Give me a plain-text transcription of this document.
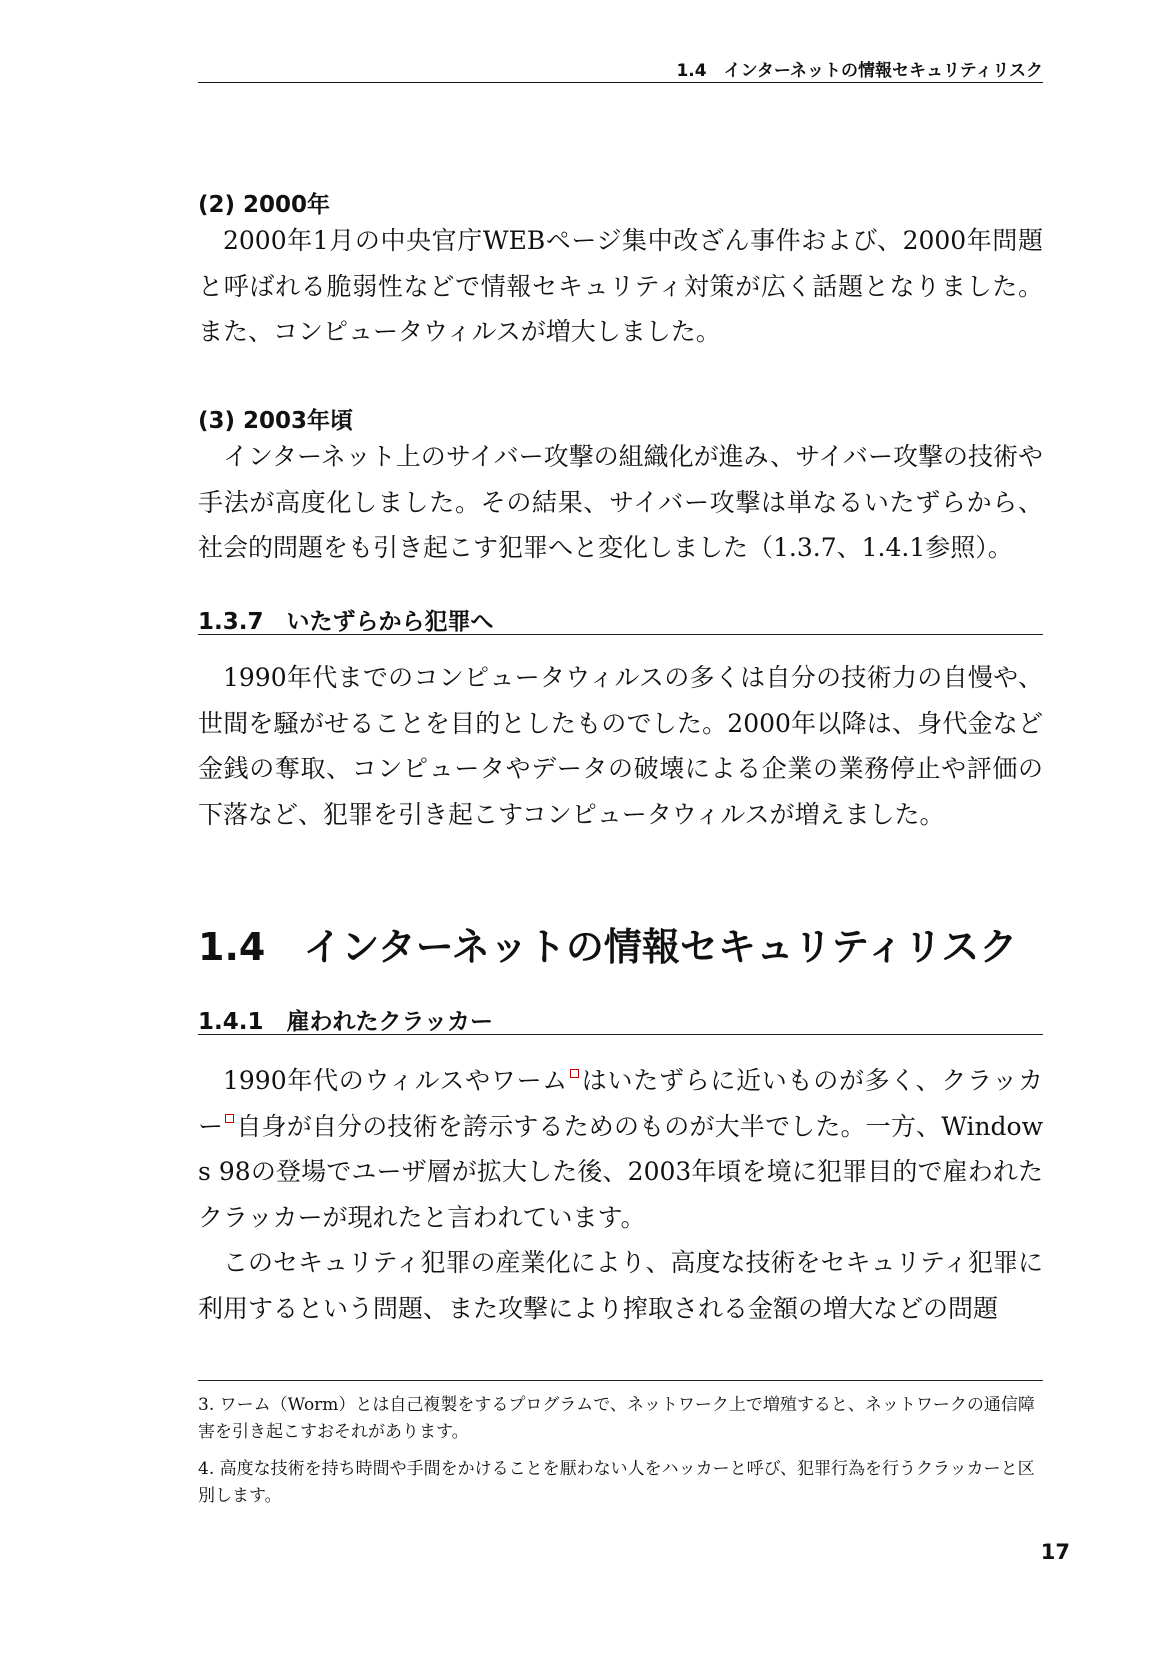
1.4　インターネットの情報セキュリティリスク
(2) 2000年

2000年1月の中央官庁WEBページ集中改ざん事件および、2000年問題と呼ばれる脆弱性などで情報セキュリティ対策が広く話題となりました。また、コンピュータウィルスが増大しました。

(3) 2003年頃

インターネット上のサイバー攻撃の組織化が進み、サイバー攻撃の技術や手法が高度化しました。その結果、サイバー攻撃は単なるいたずらから、社会的問題をも引き起こす犯罪へと変化しました（1.3.7、1.4.1参照）。

1.3.7　いたずらから犯罪へ

1990年代までのコンピュータウィルスの多くは自分の技術力の自慢や、世間を騒がせることを目的としたものでした。2000年以降は、身代金など金銭の奪取、コンピュータやデータの破壊による企業の業務停止や評価の下落など、犯罪を引き起こすコンピュータウィルスが増えました。

1.4　インターネットの情報セキュリティリスク
1.4.1　雇われたクラッカー

1990年代のウィルスやワーム はいたずらに近いものが多く、クラッカー 自身が自分の技術を誇示するためのものが大半でした。一方、Windows 98の登場でユーザ層が拡大した後、2003年頃を境に犯罪目的で雇われたクラッカーが現れたと言われています。

このセキュリティ犯罪の産業化により、高度な技術をセキュリティ犯罪に利用するという問題、また攻撃により搾取される金額の増大などの問題

3. ワーム（Worm）とは自己複製をするプログラムで、ネットワーク上で増殖すると、ネットワークの通信障害を引き起こすおそれがあります。

4. 高度な技術を持ち時間や手間をかけることを厭わない人をハッカーと呼び、犯罪行為を行うクラッカーと区別します。

17
